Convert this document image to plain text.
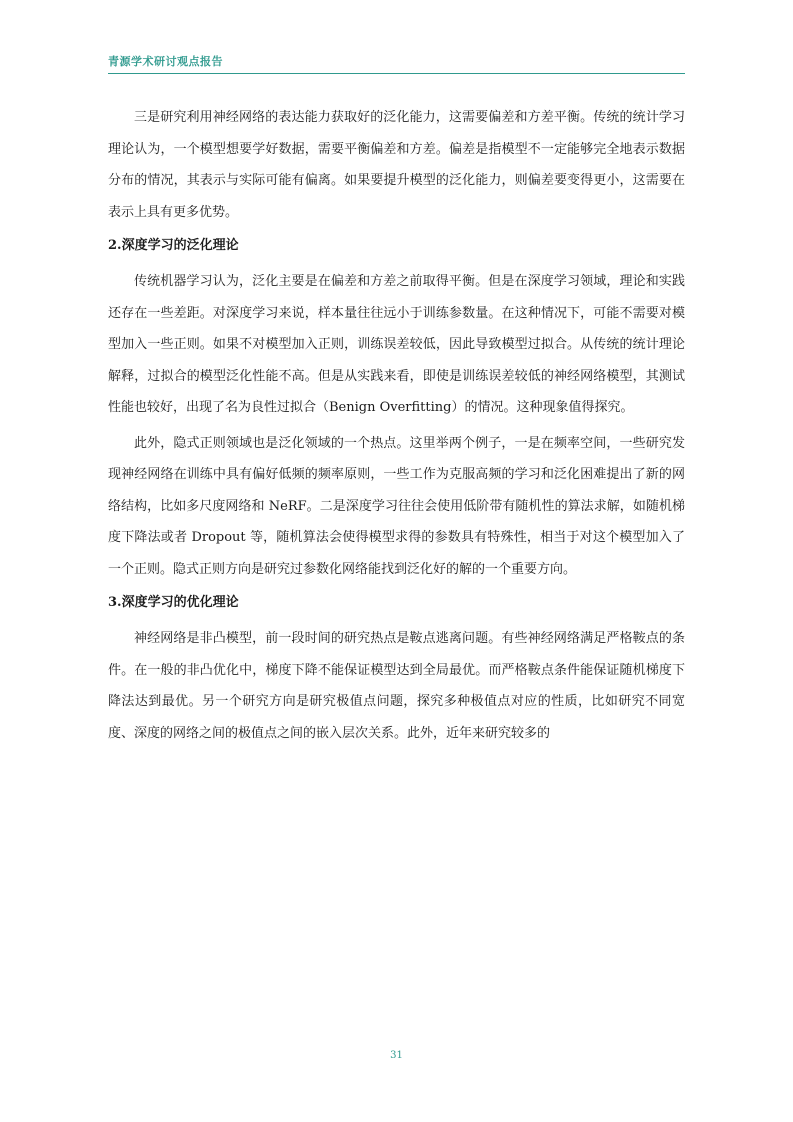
青源学术研讨观点报告

三是研究利用神经网络的表达能力获取好的泛化能力，这需要偏差和方差平衡。传统的统计学习理论认为，一个模型想要学好数据，需要平衡偏差和方差。偏差是指模型不一定能够完全地表示数据分布的情况，其表示与实际可能有偏离。如果要提升模型的泛化能力，则偏差要变得更小，这需要在表示上具有更多优势。

2.深度学习的泛化理论

传统机器学习认为，泛化主要是在偏差和方差之前取得平衡。但是在深度学习领域，理论和实践还存在一些差距。对深度学习来说，样本量往往远小于训练参数量。在这种情况下，可能不需要对模型加入一些正则。如果不对模型加入正则，训练误差较低，因此导致模型过拟合。从传统的统计理论解释，过拟合的模型泛化性能不高。但是从实践来看，即使是训练误差较低的神经网络模型，其测试性能也较好，出现了名为良性过拟合（Benign Overfitting）的情况。这种现象值得探究。

此外，隐式正则领域也是泛化领域的一个热点。这里举两个例子，一是在频率空间，一些研究发现神经网络在训练中具有偏好低频的频率原则，一些工作为克服高频的学习和泛化困难提出了新的网络结构，比如多尺度网络和 NeRF。二是深度学习往往会使用低阶带有随机性的算法求解，如随机梯度下降法或者 Dropout 等，随机算法会使得模型求得的参数具有特殊性，相当于对这个模型加入了一个正则。隐式正则方向是研究过参数化网络能找到泛化好的解的一个重要方向。

3.深度学习的优化理论

神经网络是非凸模型，前一段时间的研究热点是鞍点逃离问题。有些神经网络满足严格鞍点的条件。在一般的非凸优化中，梯度下降不能保证模型达到全局最优。而严格鞍点条件能保证随机梯度下降法达到最优。另一个研究方向是研究极值点问题，探究多种极值点对应的性质，比如研究不同宽度、深度的网络之间的极值点之间的嵌入层次关系。此外，近年来研究较多的

31
